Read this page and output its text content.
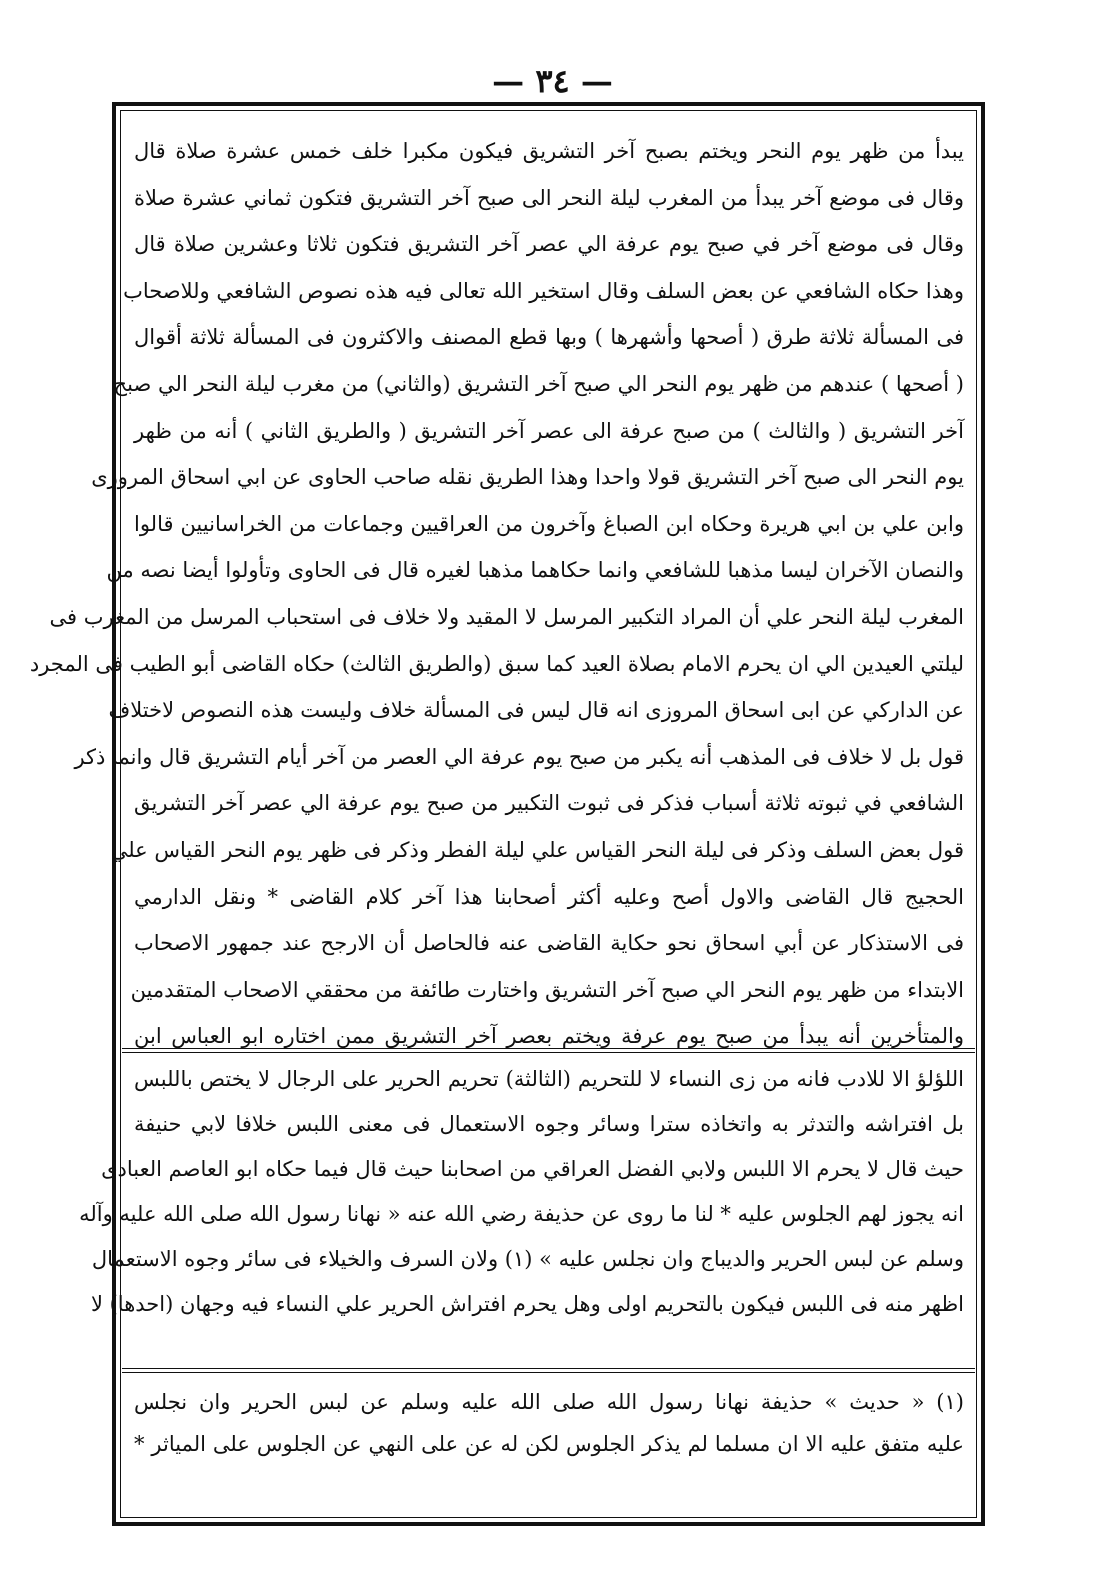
— ٣٤ —
يبدأ من ظهر يوم النحر ويختم بصبح آخر التشريق فيكون مكبرا خلف خمس عشرة صلاة قال
وقال فى موضع آخر يبدأ من المغرب ليلة النحر الى صبح آخر التشريق فتكون ثماني عشرة صلاة
وقال فى موضع آخر في صبح يوم عرفة الي عصر آخر التشريق فتكون ثلاثا وعشرين صلاة قال
وهذا حكاه الشافعي عن بعض السلف وقال استخير الله تعالى فيه هذه نصوص الشافعي وللاصحاب
فى المسألة ثلاثة طرق ( أصحها وأشهرها ) وبها قطع المصنف والاكثرون فى المسألة ثلاثة أقوال
( أصحها ) عندهم من ظهر يوم النحر الي صبح آخر التشريق (والثاني) من مغرب ليلة النحر الي صبح
آخر التشريق ( والثالث ) من صبح عرفة الى عصر آخر التشريق ( والطريق الثاني ) أنه من ظهر
يوم النحر الى صبح آخر التشريق قولا واحدا وهذا الطريق نقله صاحب الحاوى عن ابي اسحاق المروزى
وابن علي بن ابي هريرة وحكاه ابن الصباغ وآخرون من العراقيين وجماعات من الخراسانيين قالوا
والنصان الآخران ليسا مذهبا للشافعي وانما حكاهما مذهبا لغيره قال فى الحاوى وتأولوا أيضا نصه من
المغرب ليلة النحر علي أن المراد التكبير المرسل لا المقيد ولا خلاف فى استحباب المرسل من المغرب فى
ليلتي العيدين الي ان يحرم الامام بصلاة العيد كما سبق (والطريق الثالث) حكاه القاضى أبو الطيب فى المجرد
عن الداركي عن ابى اسحاق المروزى انه قال ليس فى المسألة خلاف وليست هذه النصوص لاختلاف
قول بل لا خلاف فى المذهب أنه يكبر من صبح يوم عرفة الي العصر من آخر أيام التشريق قال وانما ذكر
الشافعي في ثبوته ثلاثة أسباب فذكر فى ثبوت التكبير من صبح يوم عرفة الي عصر آخر التشريق
قول بعض السلف وذكر فى ليلة النحر القياس علي ليلة الفطر وذكر فى ظهر يوم النحر القياس علي
الحجيج قال القاضى والاول أصح وعليه أكثر أصحابنا هذا آخر كلام القاضى * ونقل الدارمي
فى الاستذكار عن أبي اسحاق نحو حكاية القاضى عنه فالحاصل أن الارجح عند جمهور الاصحاب
الابتداء من ظهر يوم النحر الي صبح آخر التشريق واختارت طائفة من محققي الاصحاب المتقدمين
والمتأخرين أنه يبدأ من صبح يوم عرفة ويختم بعصر آخر التشريق ممن اختاره ابو العباس ابن
اللؤلؤ الا للادب فانه من زى النساء لا للتحريم (الثالثة) تحريم الحرير على الرجال لا يختص باللبس
بل افتراشه والتدثر به واتخاذه سترا وسائر وجوه الاستعمال فى معنى اللبس خلافا لابي حنيفة
حيث قال لا يحرم الا اللبس ولابي الفضل العراقي من اصحابنا حيث قال فيما حكاه ابو العاصم العبادى
انه يجوز لهم الجلوس عليه * لنا ما روى عن حذيفة رضي الله عنه « نهانا رسول الله صلى الله عليه وآله
وسلم عن لبس الحرير والديباج وان نجلس عليه » (١) ولان السرف والخيلاء فى سائر وجوه الاستعمال
اظهر منه فى اللبس فيكون بالتحريم اولى وهل يحرم افتراش الحرير علي النساء فيه وجهان (احدها) لا
(١) « حديث » حذيفة نهانا رسول الله صلى الله عليه وسلم عن لبس الحرير وان نجلس
عليه متفق عليه الا ان مسلما لم يذكر الجلوس لكن له عن على النهي عن الجلوس على المياثر *
